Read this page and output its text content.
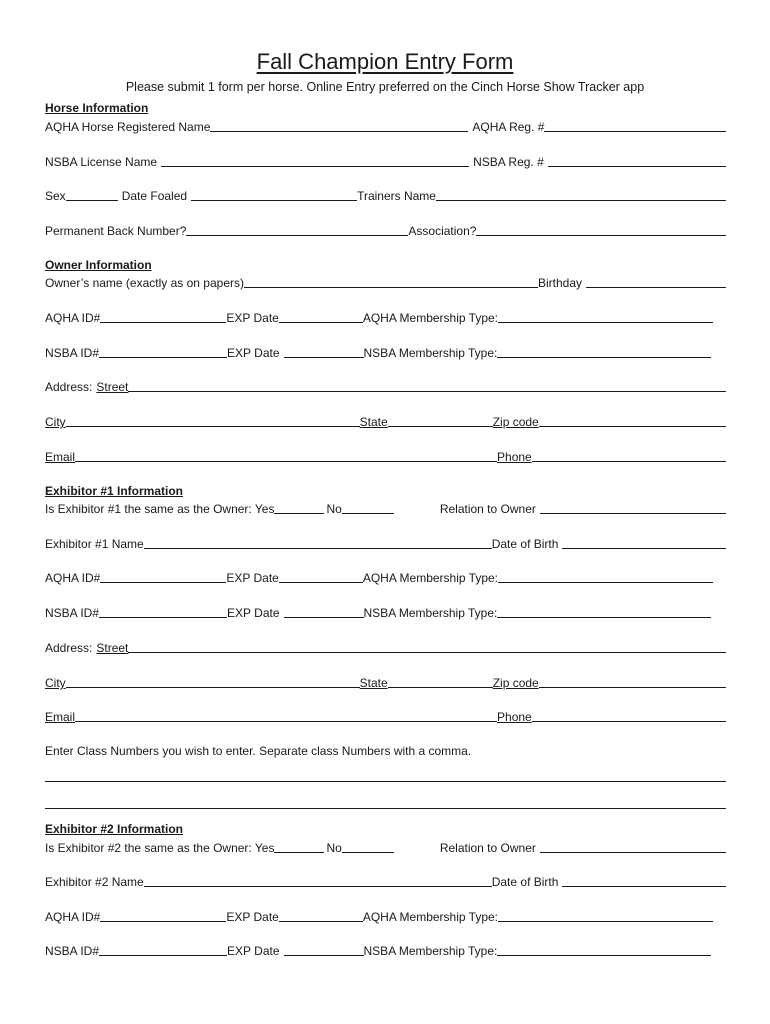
Fall Champion Entry Form
Please submit 1 form per horse. Online Entry preferred on the Cinch Horse Show Tracker app
Horse Information
AQHA Horse Registered Name	AQHA Reg. #
NSBA License Name	NSBA Reg. #
Sex	Date Foaled	Trainers Name
Permanent Back Number?	Association?
Owner Information
Owner’s name (exactly as on papers)	Birthday
AQHA ID#	EXP Date	AQHA Membership Type:
NSBA ID#	EXP Date	NSBA Membership Type:
Address: Street
City	State	Zip code
Email	Phone
Exhibitor #1 Information
Is Exhibitor #1 the same as the Owner: Yes	No	Relation to Owner
Exhibitor #1 Name	Date of Birth
AQHA ID#	EXP Date	AQHA Membership Type:
NSBA ID#	EXP Date	NSBA Membership Type:
Address: Street
City	State	Zip code
Email	Phone
Enter Class Numbers you wish to enter. Separate class Numbers with a comma.
Exhibitor #2 Information
Is Exhibitor #2 the same as the Owner: Yes	No	Relation to Owner
Exhibitor #2 Name	Date of Birth
AQHA ID#	EXP Date	AQHA Membership Type:
NSBA ID#	EXP Date	NSBA Membership Type:
